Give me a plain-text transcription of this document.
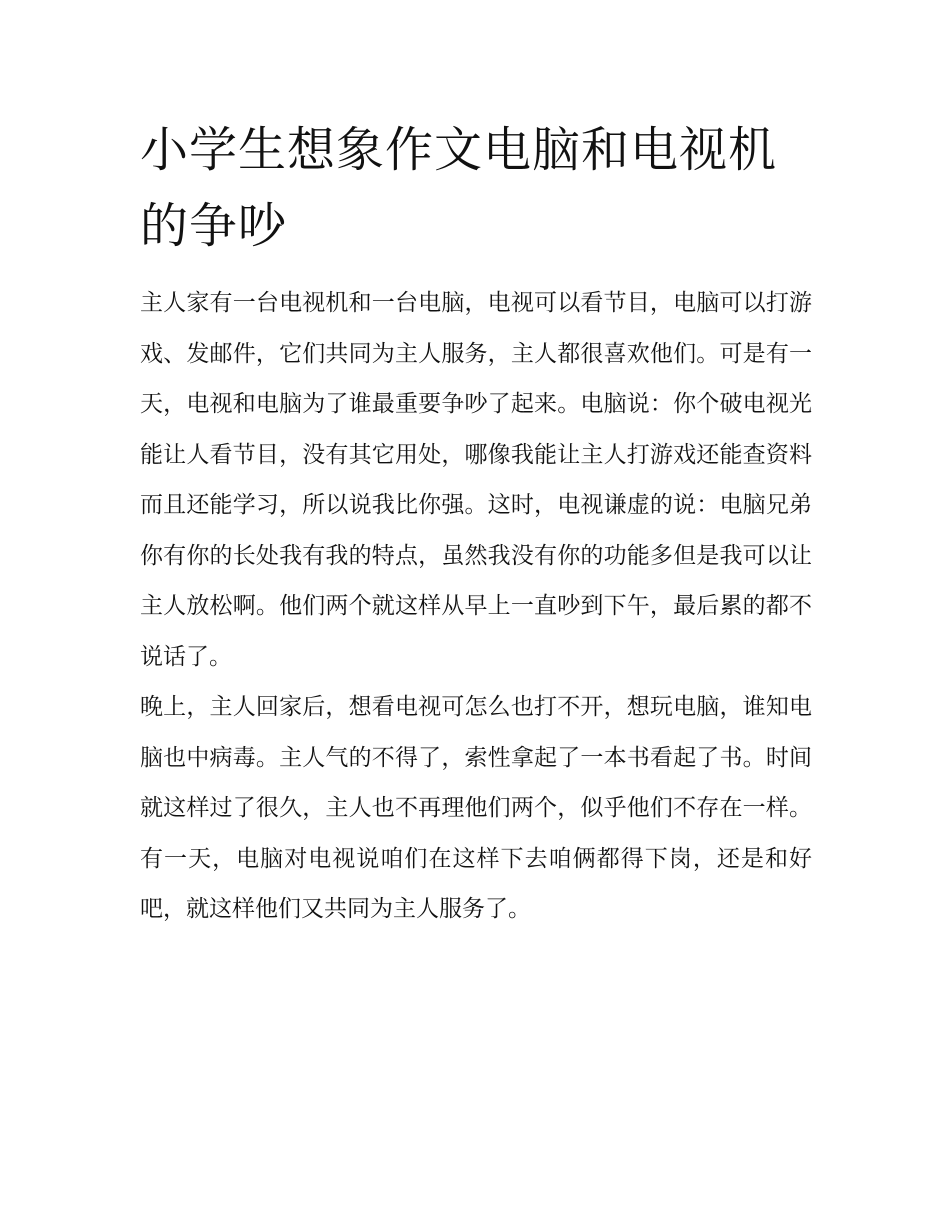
小学生想象作文电脑和电视机的争吵

主人家有一台电视机和一台电脑，电视可以看节目，电脑可以打游戏、发邮件，它们共同为主人服务，主人都很喜欢他们。可是有一天，电视和电脑为了谁最重要争吵了起来。电脑说：你个破电视光能让人看节目，没有其它用处，哪像我能让主人打游戏还能查资料而且还能学习，所以说我比你强。这时，电视谦虚的说：电脑兄弟你有你的长处我有我的特点，虽然我没有你的功能多但是我可以让主人放松啊。他们两个就这样从早上一直吵到下午，最后累的都不说话了。

晚上，主人回家后，想看电视可怎么也打不开，想玩电脑，谁知电脑也中病毒。主人气的不得了，索性拿起了一本书看起了书。时间就这样过了很久，主人也不再理他们两个，似乎他们不存在一样。有一天，电脑对电视说咱们在这样下去咱俩都得下岗，还是和好吧，就这样他们又共同为主人服务了。
